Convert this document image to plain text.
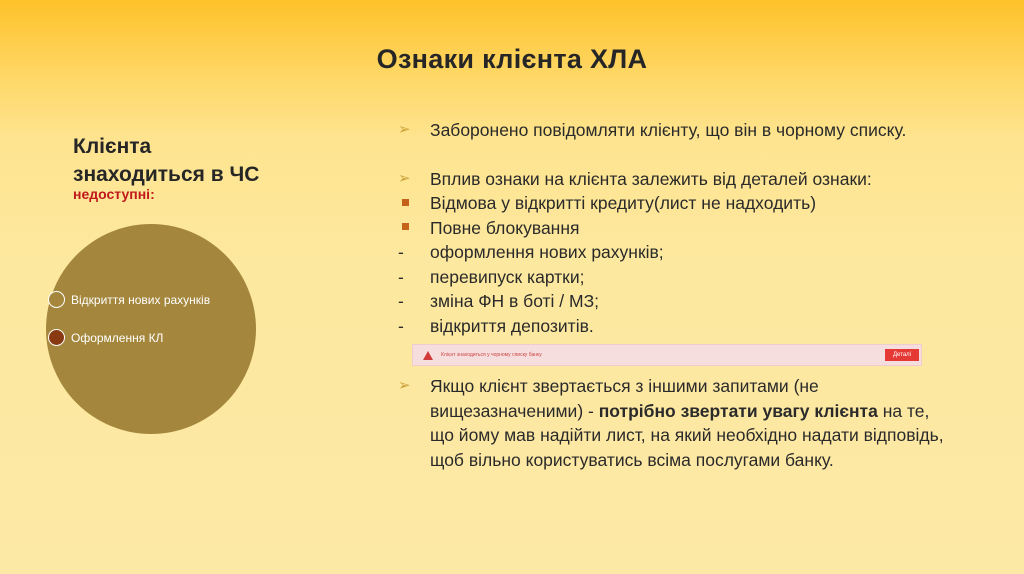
Ознаки клієнта ХЛА
Клієнта
знаходиться в ЧС
недоступні:
Відкриття нових рахунків
Оформлення КЛ
➢	Заборонено повідомляти клієнту, що він в чорному списку.
➢	Вплив ознаки на клієнта залежить від деталей ознаки:
Відмова у відкритті кредиту(лист не надходить)
Повне блокування
-	оформлення нових рахунків;
-	перевипуск картки;
-	зміна ФН в боті / МЗ;
-	відкриття депозитів.
Клієнт знаходиться у чорному списку банку	Деталі
➢	Якщо клієнт звертається з іншими запитами (не вищезазначеними) - потрібно звертати увагу клієнта на те, що йому мав надійти лист, на який необхідно надати відповідь, щоб вільно користуватись всіма послугами банку.
